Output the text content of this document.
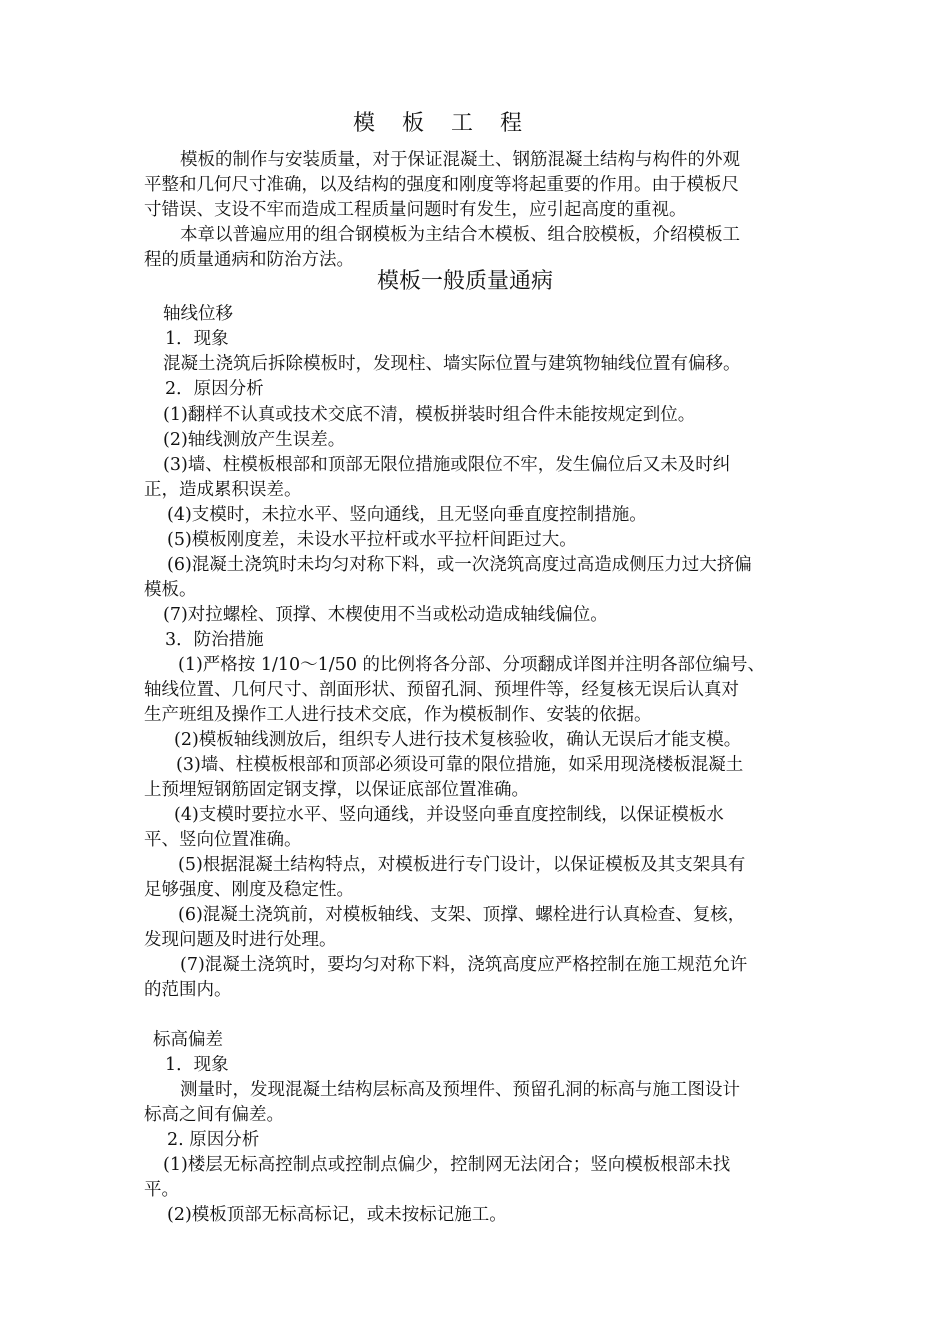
模 板 工 程
模板的制作与安装质量，对于保证混凝土、钢筋混凝土结构与构件的外观
平整和几何尺寸准确，以及结构的强度和刚度等将起重要的作用。由于模板尺
寸错误、支设不牢而造成工程质量问题时有发生，应引起高度的重视。
本章以普遍应用的组合钢模板为主结合木模板、组合胶模板，介绍模板工
程的质量通病和防治方法。
模板一般质量通病
轴线位移
1．现象
混凝土浇筑后拆除模板时，发现柱、墙实际位置与建筑物轴线位置有偏移。
2．原因分析
(1)翻样不认真或技术交底不清，模板拼装时组合件未能按规定到位。
(2)轴线测放产生误差。
(3)墙、柱模板根部和顶部无限位措施或限位不牢，发生偏位后又未及时纠
正，造成累积误差。
(4)支模时，未拉水平、竖向通线，且无竖向垂直度控制措施。
(5)模板刚度差，未设水平拉杆或水平拉杆间距过大。
(6)混凝土浇筑时未均匀对称下料，或一次浇筑高度过高造成侧压力过大挤偏
模板。
(7)对拉螺栓、顶撑、木楔使用不当或松动造成轴线偏位。
3．防治措施
(1)严格按 1/10～1/50 的比例将各分部、分项翻成详图并注明各部位编号、
轴线位置、几何尺寸、剖面形状、预留孔洞、预埋件等，经复核无误后认真对
生产班组及操作工人进行技术交底，作为模板制作、安装的依据。
(2)模板轴线测放后，组织专人进行技术复核验收，确认无误后才能支模。
(3)墙、柱模板根部和顶部必须设可靠的限位措施，如采用现浇楼板混凝土
上预埋短钢筋固定钢支撑，以保证底部位置准确。
(4)支模时要拉水平、竖向通线，并设竖向垂直度控制线，以保证模板水
平、竖向位置准确。
(5)根据混凝土结构特点，对模板进行专门设计，以保证模板及其支架具有
足够强度、刚度及稳定性。
(6)混凝土浇筑前，对模板轴线、支架、顶撑、螺栓进行认真检查、复核，
发现问题及时进行处理。
(7)混凝土浇筑时，要均匀对称下料，浇筑高度应严格控制在施工规范允许
的范围内。
标高偏差
1．现象
测量时，发现混凝土结构层标高及预埋件、预留孔洞的标高与施工图设计
标高之间有偏差。
2. 原因分析
(1)楼层无标高控制点或控制点偏少，控制网无法闭合；竖向模板根部未找
平。
(2)模板顶部无标高标记，或未按标记施工。
